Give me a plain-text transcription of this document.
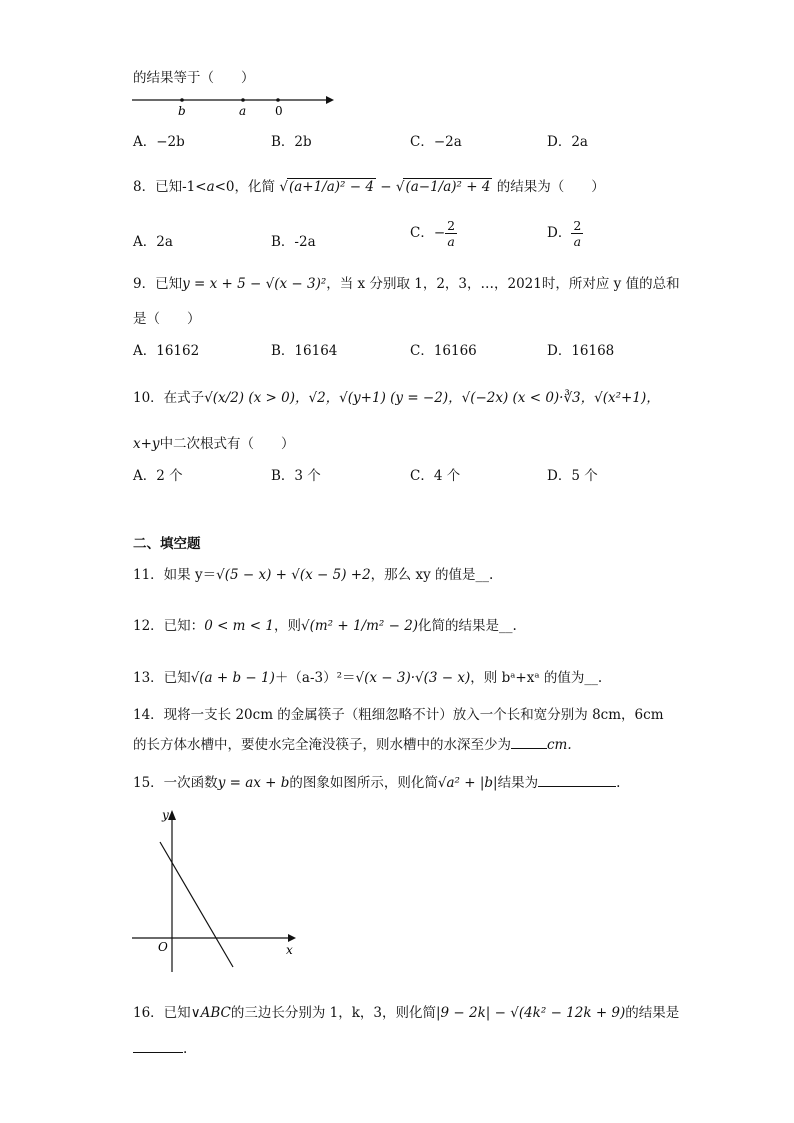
的结果等于（　　）
b	a 0
A．−2b	B．2b	C．−2a	D．2a
8．已知-1<a<0，化简 √(a+1/a)² − 4 − √(a−1/a)² + 4 的结果为（　　）
A．2a	B．-2a
C．− $\frac{2}{a}$	D． $\frac{2}{a}$
9．已知y = x + 5 − √(x − 3)²，当 x 分别取 1，2，3，…，2021时，所对应 y 值的总和
是（　　）
A．16162	B．16164	C．16166	D．16168
10．在式子√(x/2) (x > 0)，√2，√(y+1) (y = −2)，√(−2x) (x < 0)·∛3，√(x²+1)，
x+y中二次根式有（　　）
A．2 个	B．3 个	C．4 个	D．5 个
二、填空题
11．如果 y＝√(5 − x) + √(x − 5) +2，那么 xy 的值是__.
12．已知：0 < m < 1，则√(m² + 1/m² − 2)化简的结果是__.
13．已知√(a + b − 1)＋（a-3）²＝√(x − 3)·√(3 − x)，则 bᵃ+xᵃ 的值为__.
14．现将一支长 20cm 的金属筷子（粗细忽略不计）放入一个长和宽分别为 8cm，6cm
的长方体水槽中，要使水完全淹没筷子，则水槽中的水深至少为	cm.
15．一次函数y = ax + b的图象如图所示，则化简√a² + |b|结果为	.
y
x
O
16．已知∨ABC的三边长分别为 1，k，3，则化简|9 − 2k| − √(4k² − 12k + 9)的结果是
.
